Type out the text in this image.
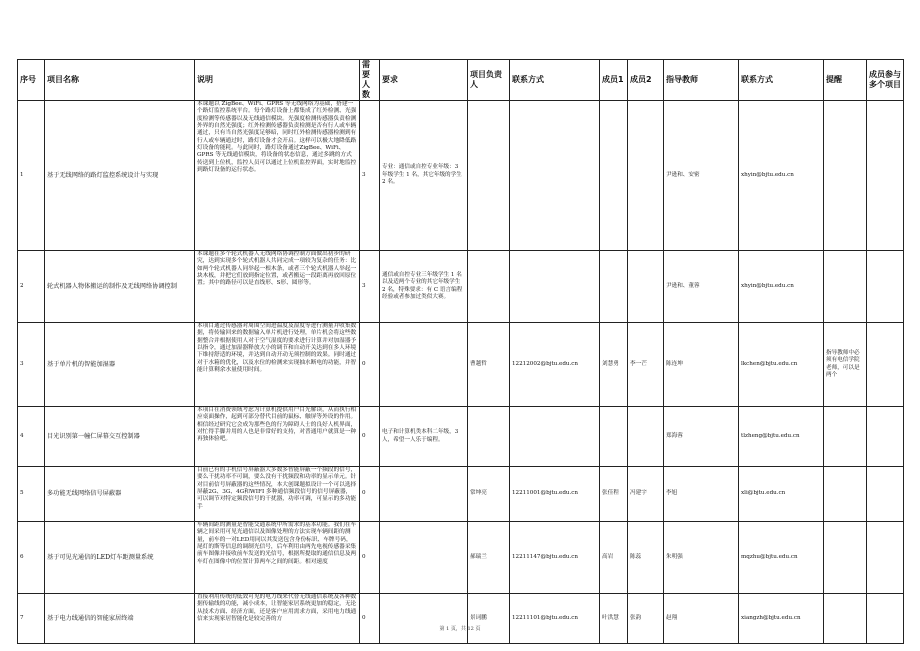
序号	项目名称	说明	需要人数	要求	项目负责人	联系方式	成员1	成员2	指导教师	联系方式	提醒	成员参与多个项目
1	基于无线网络的路灯监控系统设计与实现	本课题以 ZigBee、WiFi、GPRS 等无线网络为基础，搭建一个路灯监控系统平台。每个路灯设备上都集成了红外检测、光强度检测等传感器以及无线通信模块。光强度检测传感器负责检测外界的自然光强度；红外检测传感器负责检测是否有行人或车辆通过，只有当自然光强度足够暗，同时红外检测传感器检测到有行人或车辆通过时，路灯设备才会开启。这样可以极大地降低路灯设备的能耗。与此同时，路灯设备通过ZigBee、WiFi、GPRS 等无线通信模块，将设备的状态信息，通过多跳的方式传送到上位机，监控人员可以通过上位机监控界面，实时地监控到路灯设备的运行状态。	3	专业：通信或自控专业年级：3 年级学生 1 名，其它年级的学生 2 名。					尹逊和、安密	xhyin@bjtu.edu.cn		
2	轮式机器人物体搬运的制作及无线网络协调控制	本课题在多个轮式机器人无线网络协调控制方面做出初步的研究，达到实现多个轮式机器人共同完成一项较为复杂的任务：比如两个轮式机器人同举起一根木条，或者三个轮式机器人举起一块木板，并把它们放到指定位置，或者搬运一段距离再放回原位置；其中的路径可以是直线形、S形、圆形等。	3	通信或自控专业三年级学生 1 名以及适两个专业的其它年级学生 2 名，特殊要求：有 C 语言编程经验或者参加过类似大赛。					尹逊和、董蓉	xhyin@bjtu.edu.cn		
3	基于单片机的智能加湿器	本项目通过传感器对周围空间进温度及湿度等进行测量并收集数据，将传输回来的数据输入单片机进行处理，单片机会将这些数据整合并根据使用人对于空气湿度的要求进行计算并对加湿器予以指令，通过加湿器释放大小的调节和自动开关达到在多人环境下维持舒适的环境，并达到自动开动无须控制的效果。同时通过对于水箱的优化，以及水位的检测来实现抽水断电的功能，并智能计算剩余水量使用时间。	0		曹越哲	12212002@bjtu.edu.cn	刘慧勇	李一芒	陈连坤	lkchen@bjtu.edu.cn	指导教师中必须有电信学院老师，可以是两个	
4	目光识别第一幢仁屏幕交互控制器	本项目在消费领域考虑为计算机提供用户目光解读，从而执行相应桌面操作，起到可部分替代目前的鼠标、触屏等外设的作用。相信经过研究它会成为那些色的行为障碍人士的良好人机界面，对忙得手脚并用的人也是非常好的支持，对普通用户就算是一种再独体验吧。	0	电子和计算机类本科二年级，3人，希望一人乐于编程。					郑海蓉	tlzheng@bjtu.edu.cn		
5	多功能无线网络信号屏蔽器	目前已有的手机信号屏蔽器大多数多智能屏蔽一个频段的信号，要么干扰功率不可调，要么没有干扰频段和功率的显示单元。针对目前信号屏蔽器的这些情况，本大创课题拟设计一个可以选择屏蔽2G、3G、4G和WIFI 多种通信频段信号的信号屏蔽器，可以调节对特定频段信号的干扰器，功率可调，可显示的多功能手	0		常坤亮	12211001@bjtu.edu.cn	张佳程	冯建宇	李旭	xli@bjtu.edu.cn		
6	基于可见光通信的LED灯车距测量系统	车辆间距的测量是智能交通系统中所需求的基本功能。我们在车辆之间采用可见光通信以及图像处理的方法实现车辆间距的测量，前车的一对LED用同以其发送包含身份标识、车牌号码，尾灯的斯等信息的调制光信号，后车利用由两先电视传感器采集前车图像并接收前车发送的光信号，根据所提取的通信信息及两车灯在图像中的位置计算两车之间的间距。相对速度	0		郝瑞兰	12211147@bjtu.edu.cn	高岩	陈蕊	朱明强	mqzhu@bjtu.edu.cn		
7	基于电力线通信的智能家居终端	直接利用传统的低效可见的电力线来代替无线通信系统及各种数据传输线的功能，减小成本，让智能家居系统更加的稳定，无论从技术方面、经济方面，还是客户应用需求方面，采用电力线通信来实现家居智能化是较完善的方	0		景词鹏	12211101@bjtu.edu.cn	叶洪慧	张韵	赵翔	xiangzh@bjtu.edu.cn		
第 1 页，共 12 页
